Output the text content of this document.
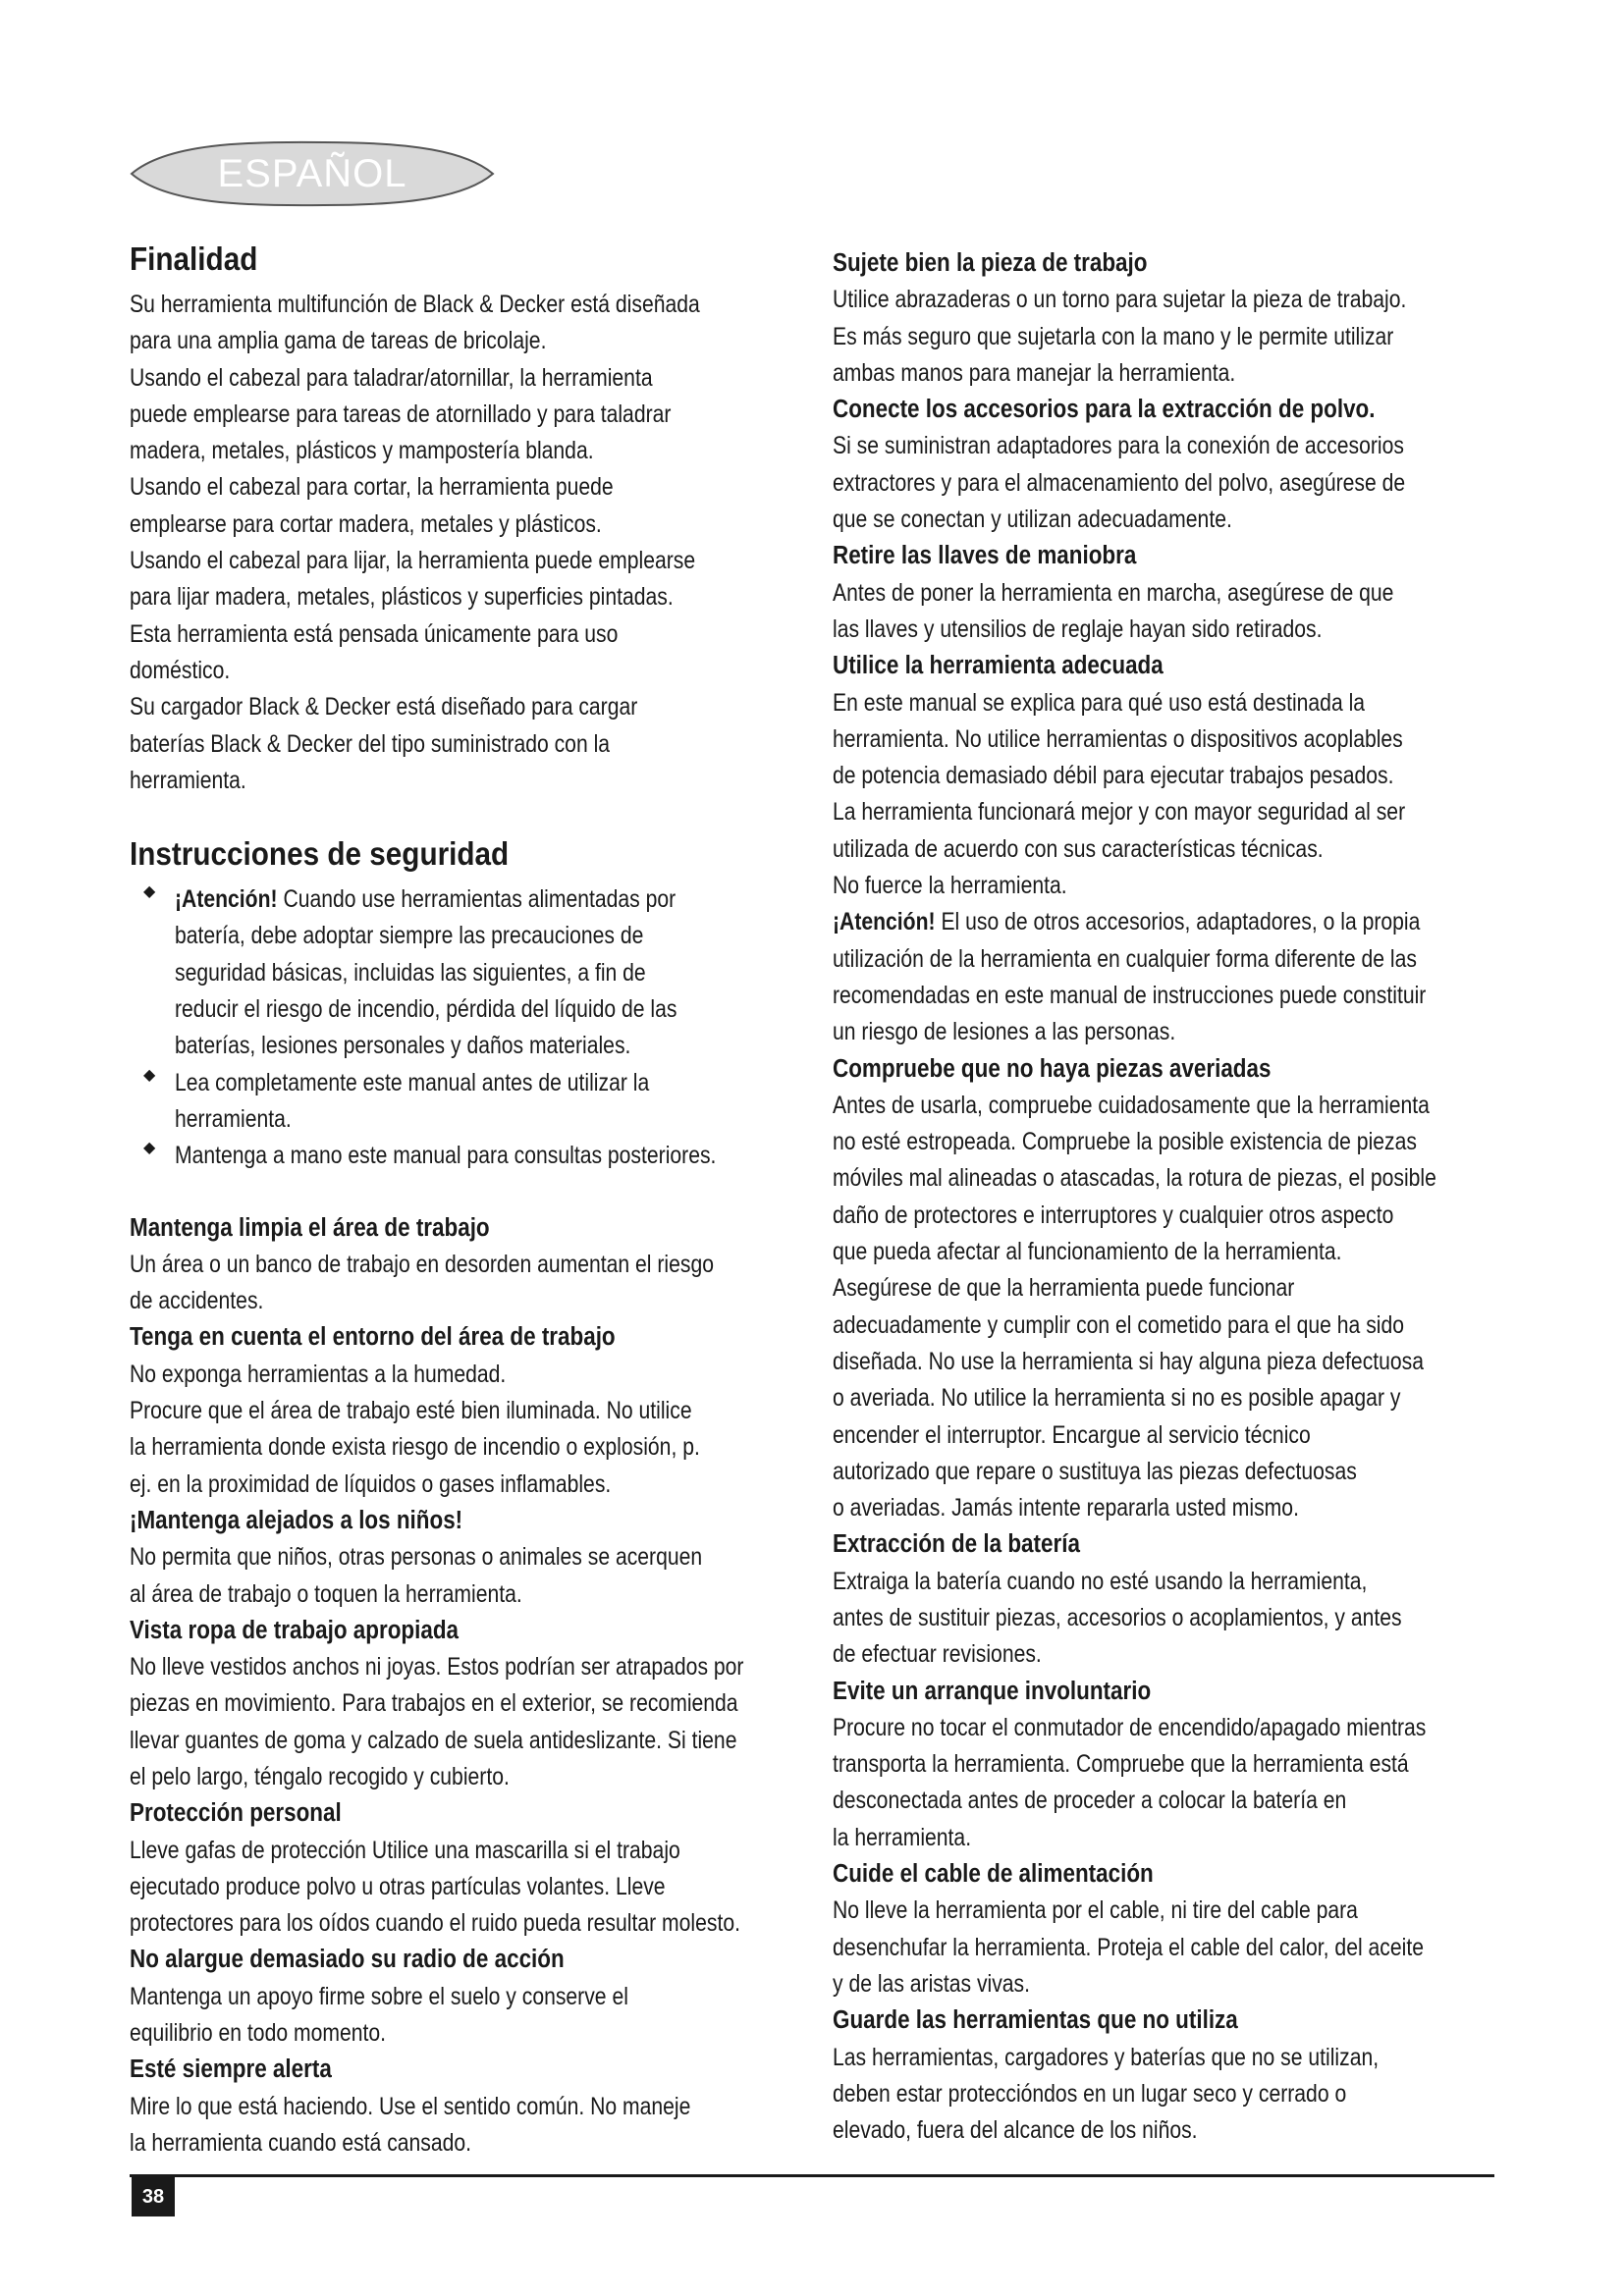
ESPAÑOL
Finalidad

Su herramienta multifunción de Black & Decker está diseñada

para una amplia gama de tareas de bricolaje.

Usando el cabezal para taladrar/atornillar, la herramienta

puede emplearse para tareas de atornillado y para taladrar

madera, metales, plásticos y mampostería blanda.

Usando el cabezal para cortar, la herramienta puede

emplearse para cortar madera, metales y plásticos.

Usando el cabezal para lijar, la herramienta puede emplearse

para lijar madera, metales, plásticos y superficies pintadas.

Esta herramienta está pensada únicamente para uso

doméstico.

Su cargador Black & Decker está diseñado para cargar

baterías Black & Decker del tipo suministrado con la

herramienta.

Instrucciones de seguridad
◆ ¡Atención! Cuando use herramientas alimentadas por

batería, debe adoptar siempre las precauciones de

seguridad básicas, incluidas las siguientes, a fin de

reducir el riesgo de incendio, pérdida del líquido de las

baterías, lesiones personales y daños materiales.

◆ Lea completamente este manual antes de utilizar la

herramienta.

◆ Mantenga a mano este manual para consultas posteriores.

Mantenga limpia el área de trabajo

Un área o un banco de trabajo en desorden aumentan el riesgo

de accidentes.

Tenga en cuenta el entorno del área de trabajo

No exponga herramientas a la humedad.

Procure que el área de trabajo esté bien iluminada. No utilice

la herramienta donde exista riesgo de incendio o explosión, p.

ej. en la proximidad de líquidos o gases inflamables.

¡Mantenga alejados a los niños!

No permita que niños, otras personas o animales se acerquen

al área de trabajo o toquen la herramienta.

Vista ropa de trabajo apropiada

No lleve vestidos anchos ni joyas. Estos podrían ser atrapados por

piezas en movimiento. Para trabajos en el exterior, se recomienda

llevar guantes de goma y calzado de suela antideslizante. Si tiene

el pelo largo, téngalo recogido y cubierto.

Protección personal

Lleve gafas de protección Utilice una mascarilla si el trabajo

ejecutado produce polvo u otras partículas volantes. Lleve

protectores para los oídos cuando el ruido pueda resultar molesto.

No alargue demasiado su radio de acción

Mantenga un apoyo firme sobre el suelo y conserve el

equilibrio en todo momento.

Esté siempre alerta

Mire lo que está haciendo. Use el sentido común. No maneje

la herramienta cuando está cansado.

Sujete bien la pieza de trabajo

Utilice abrazaderas o un torno para sujetar la pieza de trabajo.

Es más seguro que sujetarla con la mano y le permite utilizar

ambas manos para manejar la herramienta.

Conecte los accesorios para la extracción de polvo.

Si se suministran adaptadores para la conexión de accesorios

extractores y para el almacenamiento del polvo, asegúrese de

que se conectan y utilizan adecuadamente.

Retire las llaves de maniobra

Antes de poner la herramienta en marcha, asegúrese de que

las llaves y utensilios de reglaje hayan sido retirados.

Utilice la herramienta adecuada

En este manual se explica para qué uso está destinada la

herramienta. No utilice herramientas o dispositivos acoplables

de potencia demasiado débil para ejecutar trabajos pesados.

La herramienta funcionará mejor y con mayor seguridad al ser

utilizada de acuerdo con sus características técnicas.

No fuerce la herramienta.

¡Atención! El uso de otros accesorios, adaptadores, o la propia

utilización de la herramienta en cualquier forma diferente de las

recomendadas en este manual de instrucciones puede constituir

un riesgo de lesiones a las personas.

Compruebe que no haya piezas averiadas

Antes de usarla, compruebe cuidadosamente que la herramienta

no esté estropeada. Compruebe la posible existencia de piezas

móviles mal alineadas o atascadas, la rotura de piezas, el posible

daño de protectores e interruptores y cualquier otros aspecto

que pueda afectar al funcionamiento de la herramienta.

Asegúrese de que la herramienta puede funcionar

adecuadamente y cumplir con el cometido para el que ha sido

diseñada. No use la herramienta si hay alguna pieza defectuosa

o averiada. No utilice la herramienta si no es posible apagar y

encender el interruptor. Encargue al servicio técnico

autorizado que repare o sustituya las piezas defectuosas

o averiadas. Jamás intente repararla usted mismo.

Extracción de la batería

Extraiga la batería cuando no esté usando la herramienta,

antes de sustituir piezas, accesorios o acoplamientos, y antes

de efectuar revisiones.

Evite un arranque involuntario

Procure no tocar el conmutador de encendido/apagado mientras

transporta la herramienta. Compruebe que la herramienta está

desconectada antes de proceder a colocar la batería en

la herramienta.

Cuide el cable de alimentación

No lleve la herramienta por el cable, ni tire del cable para

desenchufar la herramienta. Proteja el cable del calor, del aceite

y de las aristas vivas.

Guarde las herramientas que no utiliza

Las herramientas, cargadores y baterías que no se utilizan,

deben estar proteccióndos en un lugar seco y cerrado o

elevado, fuera del alcance de los niños.

38
